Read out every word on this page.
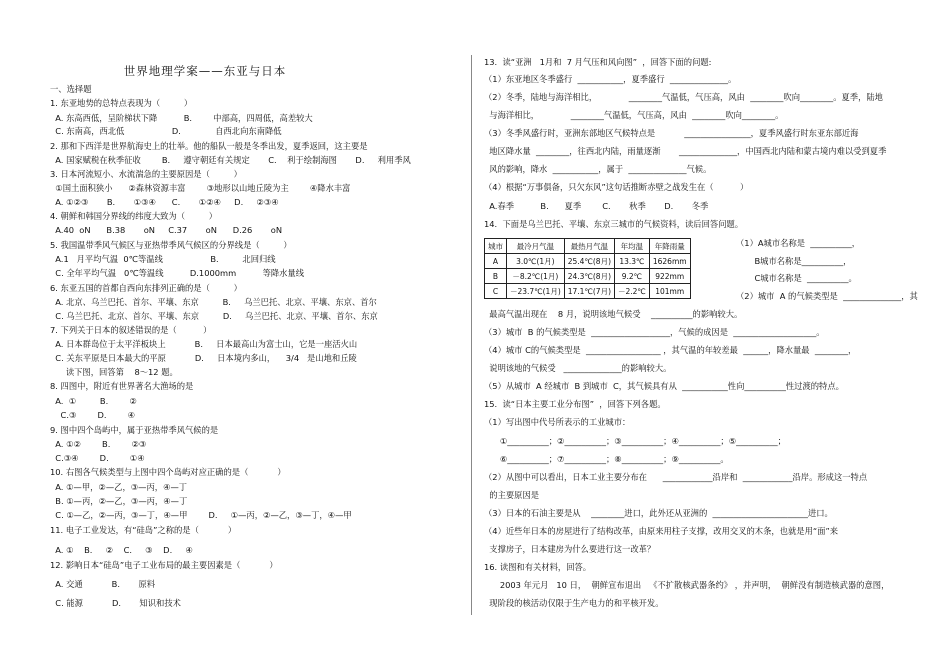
世界地理学案——东亚与日本
一、选择题
1. 东亚地势的总特点表现为（         ）
A. 东高西低，呈阶梯状下降          B.        中部高，四周低，高差较大
C. 东南高，西北低                  D.             自西北向东南降低
2. 那和下西洋是世界航海史上的壮举。他的船队一般是冬季出发，夏季返回，这主要是
A. 国家赋税在秋季征收        B.     遵守朝廷有关规定       C.    利于绘制海图       D.     利用季风
3. 日本河流短小、水流湍急的主要原因是（         ）
①国土面积狭小      ②森林资源丰富        ③地形以山地丘陵为主        ④降水丰富
A. ①②③       B.       ①③④      C.       ①②④     D.     ②③④
4. 朝鲜和韩国分界线的纬度大致为（         ）
A.40  oN      B.38       oN     C.37       oN      D.26       oN
5. 我国温带季风气候区与亚热带季风气候区的分界线是（         ）
A.1   月平均气温  0℃等温线                  B.         北回归线
C. 全年平均气温   0℃等温线          D.1000mm          等降水量线
6. 东亚五国的首都自西向东排列正确的是（         ）
A. 北京、乌兰巴托、首尔、平壤、东京         B.     乌兰巴托、北京、平壤、东京、首尔
C. 乌兰巴托、北京、首尔、平壤、东京         D.     乌兰巴托、北京、平壤、首尔、东京
7. 下列关于日本的叙述错误的是（          ）
A. 日本群岛位于太平洋板块上           B.     日本最高山为富士山，它是一座活火山
C. 关东平原是日本最大的平原           D.     日本境内多山，    3/4   是山地和丘陵
读下图，回答第    8～12 题。
8. 四图中，附近有世界著名大渔场的是
A.  ①         B.        ②
C.③        D.        ④
9. 图中四个岛屿中，属于亚热带季风气候的是
A. ①②        B.        ②③
C.③④        D.        ①④
10. 右图各气候类型与上图中四个岛屿对应正确的是（           ）
A. ①—甲，②—乙，③—丙，④—丁
B. ①—丙，②—乙，③—丙，④—丁
C. ①—乙，②—丙，③—丁，④—甲        D.     ①—丙，②—乙，③—丁，④—甲
11. 电子工业发达，有“硅岛”之称的是（           ）
A. ①    B.     ②    C.     ③    D.     ④
12. 影响日本“硅岛”电子工业布局的最主要因素是（           ）
A. 交通           B.       原料
C. 能源           D.       知识和技术
13.  读“亚洲   1月和  7 月气压和风向图”  ，回答下面的问题:
（1）东亚地区冬季盛行  ___________，夏季盛行  ______________。
（2）冬季，陆地与海洋相比，            ________气温低，气压高，风由  ________吹向________。夏季，陆地
与海洋相比，            ________气温低，气压高，风由  ________吹向________。
（3）冬季风盛行时，亚洲东部地区气候特点是           ________________，夏季风盛行时东亚东部近海
地区降水量  ________，往西北内陆，雨量逐渐       ______________，中国西北内陆和蒙古境内难以受到夏季
风的影响，降水  ___________，属于  ______________气候。
（4）根据“万事俱备，只欠东风”这句话推断赤壁之战发生在（          ）
A.春季          B.      夏季        C.       秋季       D.       冬季
14.  下面是乌兰巴托、平壤、东京三城市的气候资料，读后回答问题。
（1）A城市名称是  __________，
B城市名称是__________，
C城市名称是  __________。
（2）城市  A 的气候类型是  ______________，其
最高气温出现在    8 月，说明该地气候受    __________的影响较大。
（3）城市  B 的气候类型是  ___________________，气候的成因是  ____________________。
（4）城市 C的气候类型是  __________________ ，其气温的年较差最  ______，降水量最  ________，
说明该地的气候受   ______________的影响较大。
（5）从城市  A 经城市  B 到城市  C，其气候具有从  ___________性向__________性过渡的特点。
15.  读“日本主要工业分布图”  ，回答下列各题。
（1）写出图中代号所表示的工业城市：
①__________；②__________；③__________；④__________；⑤__________；
⑥__________；⑦__________；⑧__________；⑨__________。
（2）从图中可以看出，日本工业主要分布在      ____________沿岸和  ____________沿岸。形成这一特点
的主要原因是
（3）日本的石油主要是从    ________进口，此外还从亚洲的  _______________________进口。
（4）近些年日本的房屋进行了结构改革，由原来用柱子支撑，改用交叉的木条，也就是用“面”来
支撑房子，日本建房为什么要进行这一改革？
16. 读图和有关材料，回答。
2003 年元月   10 日，  朝鲜宣布退出   《不扩散核武器条约》 ，并声明，  朝鲜没有制造核武器的意图，
现阶段的核活动仅限于生产电力的和平核开发。
城市	最冷月气温	最热月气温	年均温	年降雨量
A	3.0℃(1月)	25.4℃(8月)	13.3℃	1626mm
B	－8.2℃(1月)	24.3℃(8月)	9.2℃	922mm
C	－23.7℃(1月)	17.1℃(7月)	－2.2℃	101mm
